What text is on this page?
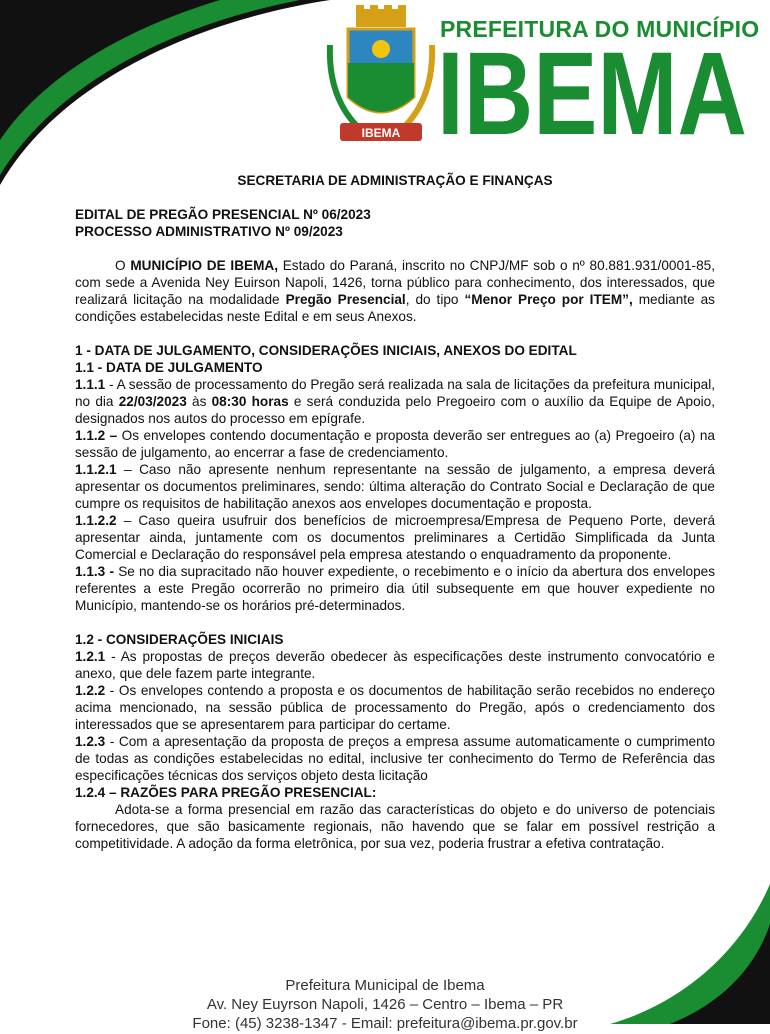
IBEMA
PREFEITURA DO MUNICÍPIO
IBEMA

SECRETARIA DE ADMINISTRAÇÃO E FINANÇAS

EDITAL DE PREGÃO PRESENCIAL Nº 06/2023

PROCESSO ADMINISTRATIVO Nº 09/2023

O MUNICÍPIO DE IBEMA, Estado do Paraná, inscrito no CNPJ/MF sob o nº 80.881.931/0001-85, com sede a Avenida Ney Euirson Napoli, 1426, torna público para conhecimento, dos interessados, que realizará licitação na modalidade Pregão Presencial, do tipo “Menor Preço por ITEM”, mediante as condições estabelecidas neste Edital e em seus Anexos.

1 - DATA DE JULGAMENTO, CONSIDERAÇÕES INICIAIS, ANEXOS DO EDITAL

1.1 - DATA DE JULGAMENTO

1.1.1 - A sessão de processamento do Pregão será realizada na sala de licitações da prefeitura municipal, no dia 22/03/2023 às 08:30 horas e será conduzida pelo Pregoeiro com o auxílio da Equipe de Apoio, designados nos autos do processo em epígrafe.

1.1.2 – Os envelopes contendo documentação e proposta deverão ser entregues ao (a) Pregoeiro (a) na sessão de julgamento, ao encerrar a fase de credenciamento.

1.1.2.1 – Caso não apresente nenhum representante na sessão de julgamento, a empresa deverá apresentar os documentos preliminares, sendo: última alteração do Contrato Social e Declaração de que cumpre os requisitos de habilitação anexos aos envelopes documentação e proposta.

1.1.2.2 – Caso queira usufruir dos benefícios de microempresa/Empresa de Pequeno Porte, deverá apresentar ainda, juntamente com os documentos preliminares a Certidão Simplificada da Junta Comercial e Declaração do responsável pela empresa atestando o enquadramento da proponente.

1.1.3 - Se no dia supracitado não houver expediente, o recebimento e o início da abertura dos envelopes referentes a este Pregão ocorrerão no primeiro dia útil subsequente em que houver expediente no Município, mantendo-se os horários pré-determinados.

1.2 - CONSIDERAÇÕES INICIAIS

1.2.1 - As propostas de preços deverão obedecer às especificações deste instrumento convocatório e anexo, que dele fazem parte integrante.

1.2.2 - Os envelopes contendo a proposta e os documentos de habilitação serão recebidos no endereço acima mencionado, na sessão pública de processamento do Pregão, após o credenciamento dos interessados que se apresentarem para participar do certame.

1.2.3 - Com a apresentação da proposta de preços a empresa assume automaticamente o cumprimento de todas as condições estabelecidas no edital, inclusive ter conhecimento do Termo de Referência das especificações técnicas dos serviços objeto desta licitação

1.2.4 – RAZÕES PARA PREGÃO PRESENCIAL:

Adota-se a forma presencial em razão das características do objeto e do universo de potenciais fornecedores, que são basicamente regionais, não havendo que se falar em possível restrição a competitividade. A adoção da forma eletrônica, por sua vez, poderia frustrar a efetiva contratação.

Prefeitura Municipal de Ibema
Av. Ney Euyrson Napoli, 1426 – Centro – Ibema – PR
Fone: (45) 3238-1347 - Email: prefeitura@ibema.pr.gov.br
